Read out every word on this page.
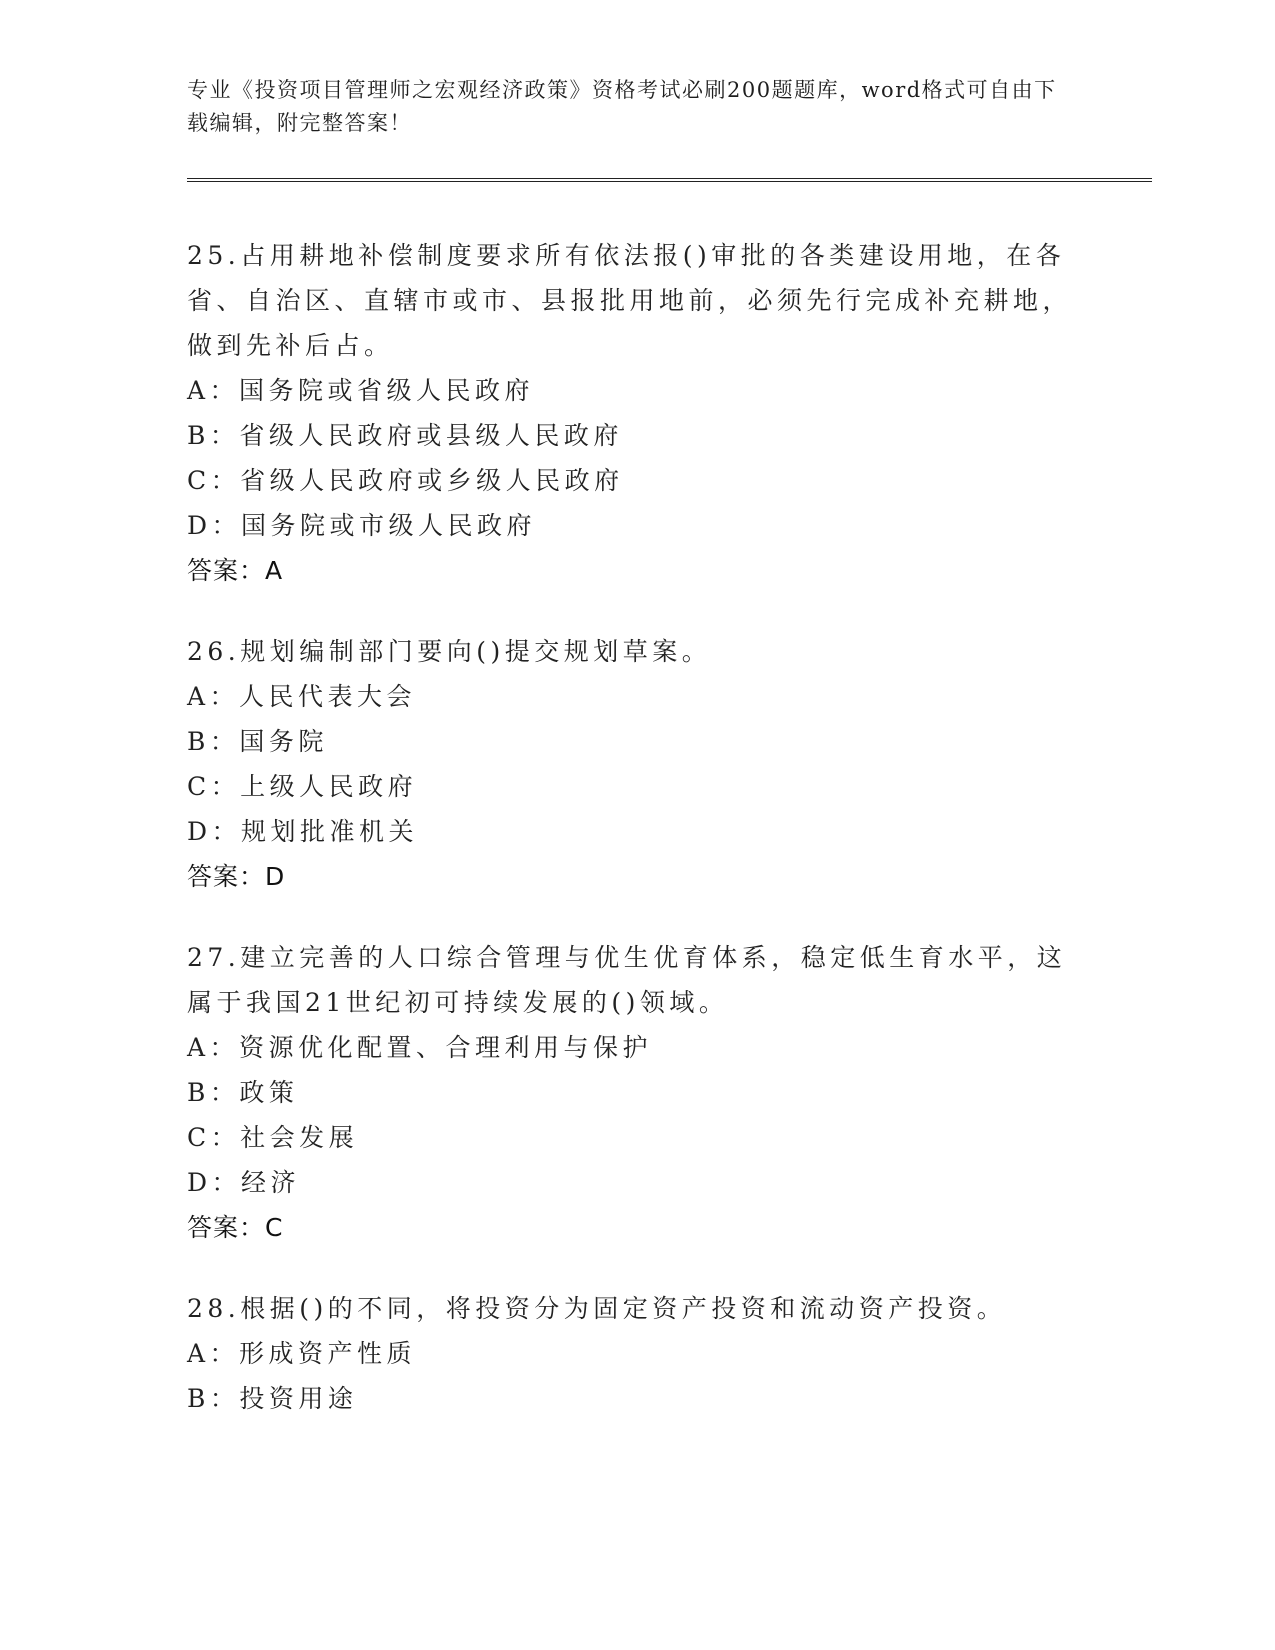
专业《投资项目管理师之宏观经济政策》资格考试必刷200题题库，word格式可自由下载编辑，附完整答案！

25.占用耕地补偿制度要求所有依法报()审批的各类建设用地，在各省、自治区、直辖市或市、县报批用地前，必须先行完成补充耕地，做到先补后占。

A：国务院或省级人民政府

B：省级人民政府或县级人民政府

C：省级人民政府或乡级人民政府

D：国务院或市级人民政府

答案：A

26.规划编制部门要向()提交规划草案。

A：人民代表大会

B：国务院

C：上级人民政府

D：规划批准机关

答案：D

27.建立完善的人口综合管理与优生优育体系，稳定低生育水平，这属于我国21世纪初可持续发展的()领域。

A：资源优化配置、合理利用与保护

B：政策

C：社会发展

D：经济

答案：C

28.根据()的不同，将投资分为固定资产投资和流动资产投资。

A：形成资产性质

B：投资用途
